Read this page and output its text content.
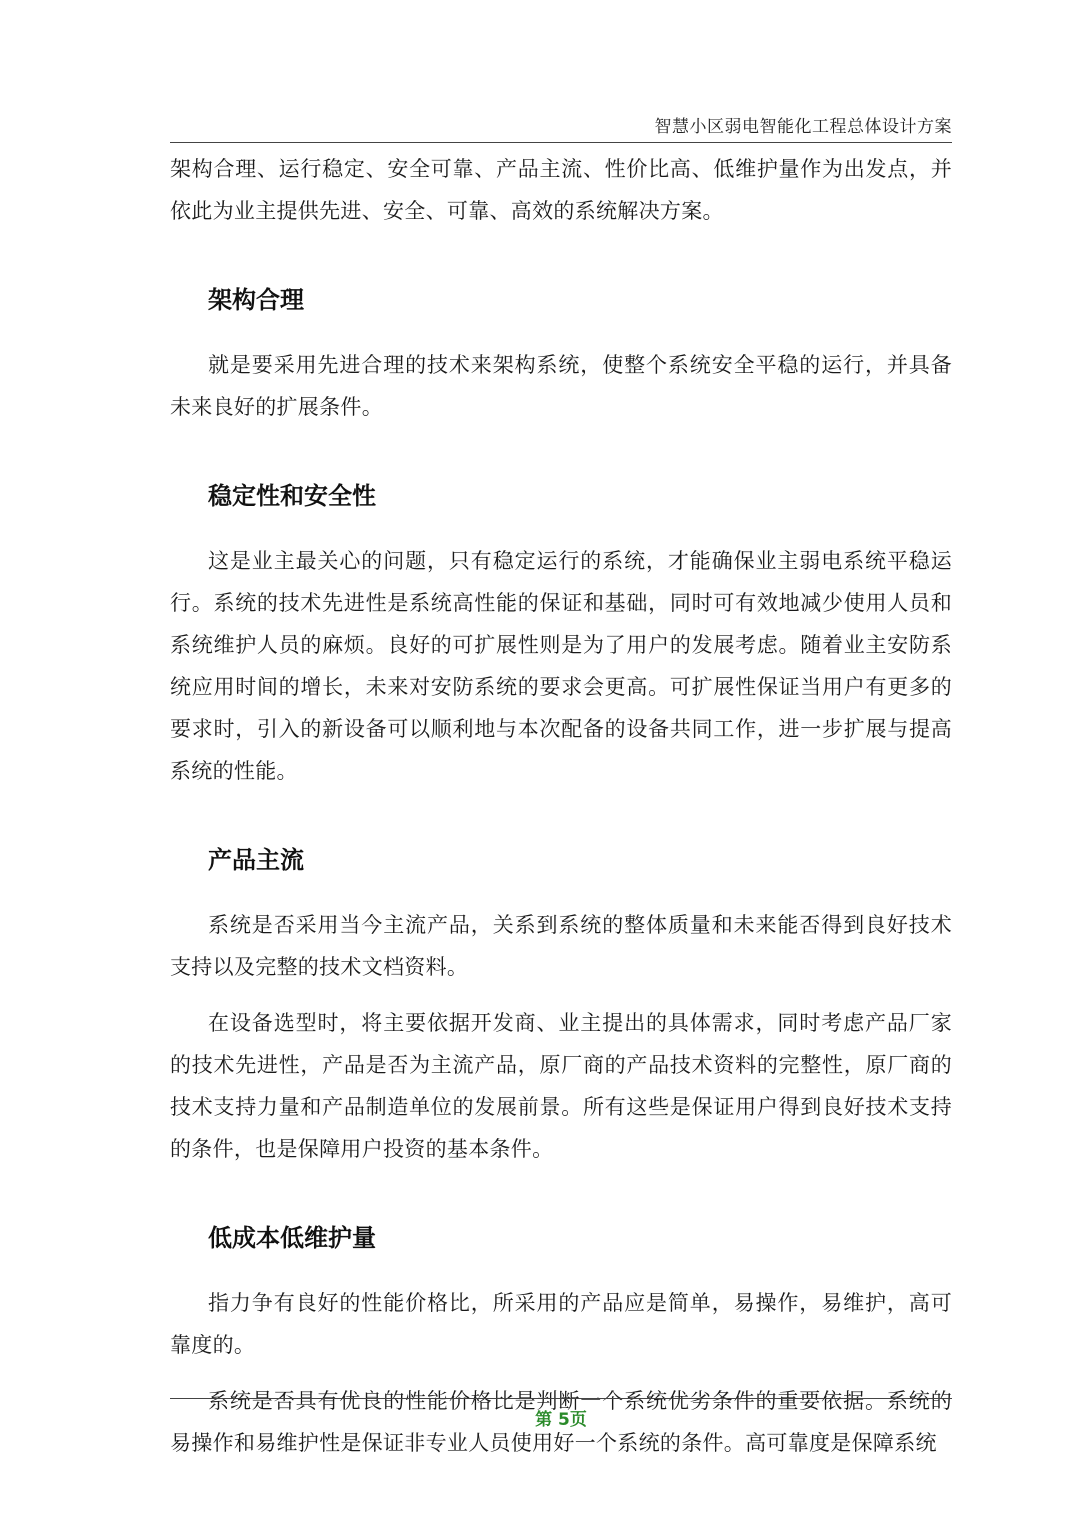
智慧小区弱电智能化工程总体设计方案

架构合理、运行稳定、安全可靠、产品主流、性价比高、低维护量作为出发点，并依此为业主提供先进、安全、可靠、高效的系统解决方案。

架构合理

就是要采用先进合理的技术来架构系统，使整个系统安全平稳的运行，并具备未来良好的扩展条件。

稳定性和安全性

这是业主最关心的问题，只有稳定运行的系统，才能确保业主弱电系统平稳运行。系统的技术先进性是系统高性能的保证和基础，同时可有效地减少使用人员和系统维护人员的麻烦。良好的可扩展性则是为了用户的发展考虑。随着业主安防系统应用时间的增长，未来对安防系统的要求会更高。可扩展性保证当用户有更多的要求时，引入的新设备可以顺利地与本次配备的设备共同工作，进一步扩展与提高系统的性能。

产品主流

系统是否采用当今主流产品，关系到系统的整体质量和未来能否得到良好技术支持以及完整的技术文档资料。

在设备选型时，将主要依据开发商、业主提出的具体需求，同时考虑产品厂家的技术先进性，产品是否为主流产品，原厂商的产品技术资料的完整性，原厂商的技术支持力量和产品制造单位的发展前景。所有这些是保证用户得到良好技术支持的条件，也是保障用户投资的基本条件。

低成本低维护量

指力争有良好的性能价格比，所采用的产品应是简单，易操作，易维护，高可靠度的。

系统是否具有优良的性能价格比是判断一个系统优劣条件的重要依据。系统的易操作和易维护性是保证非专业人员使用好一个系统的条件。高可靠度是保障系统

第 5页
